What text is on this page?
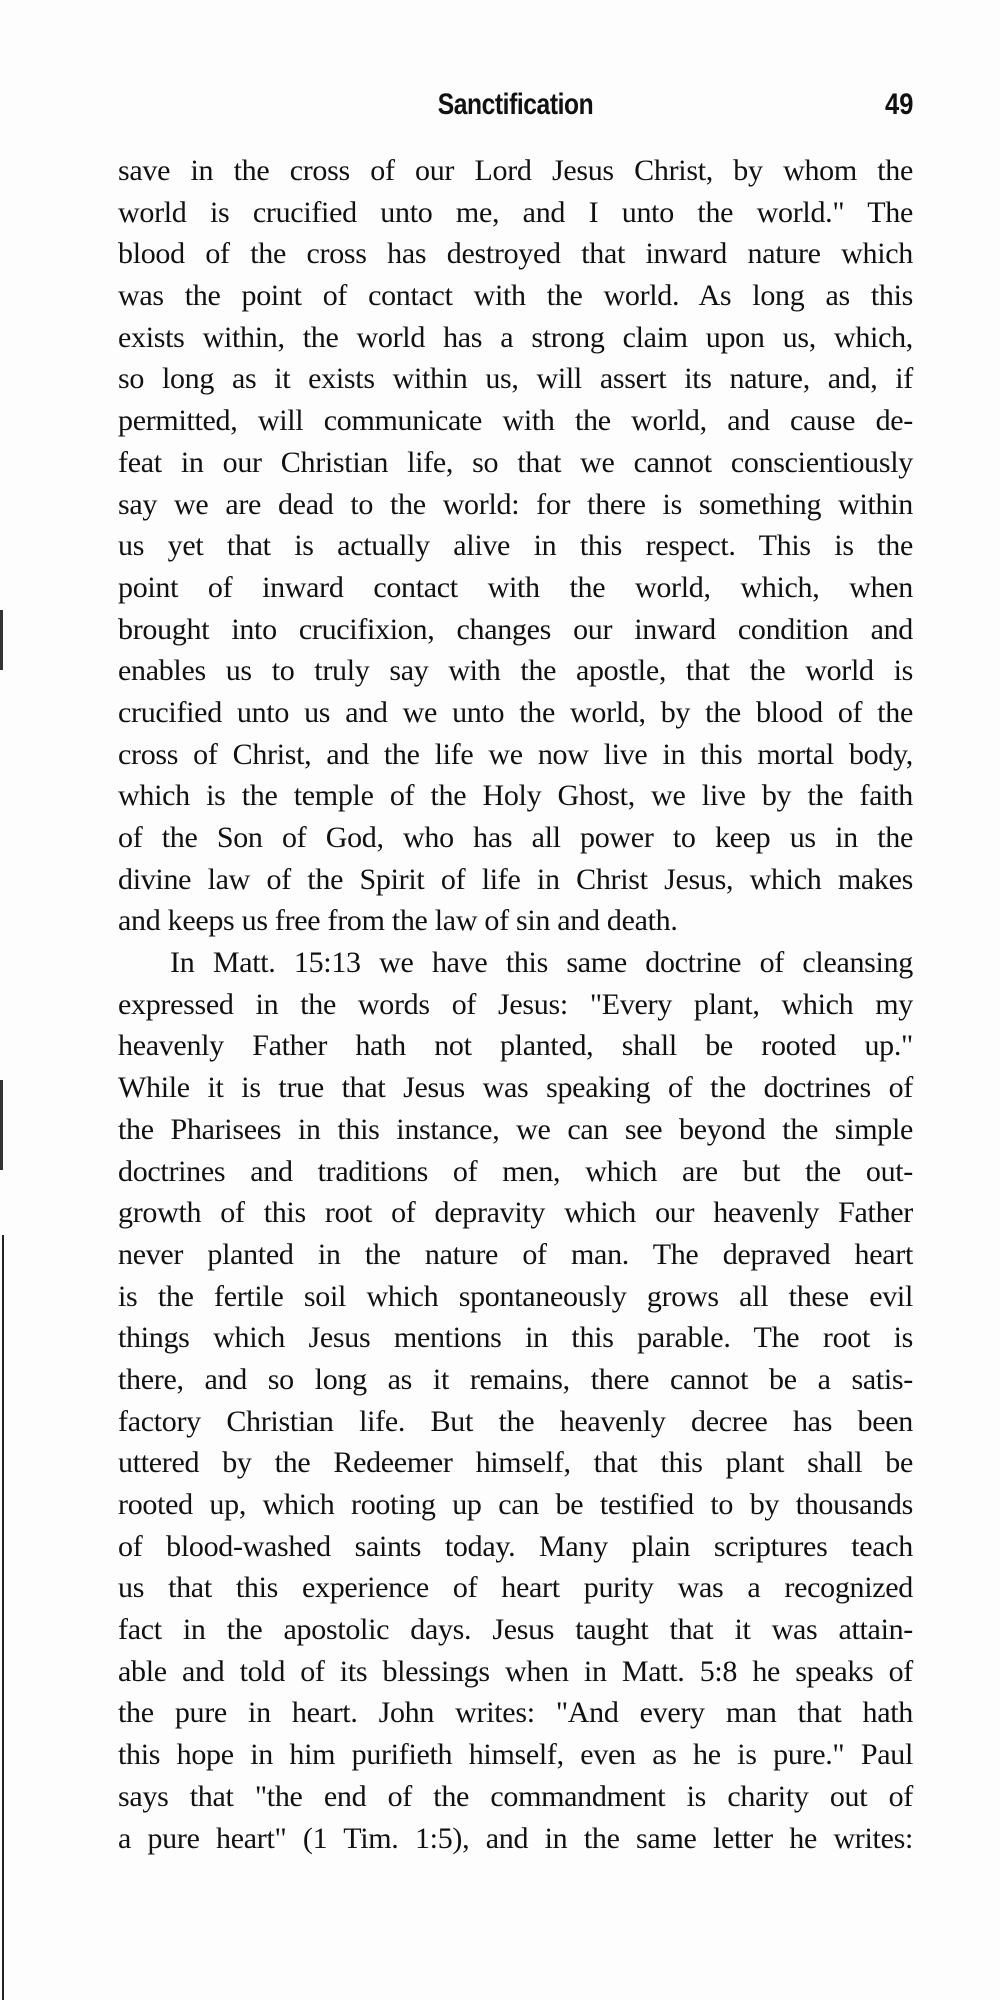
Sanctification	49
save in the cross of our Lord Jesus Christ, by whom the
world is crucified unto me, and I unto the world." The
blood of the cross has destroyed that inward nature which
was the point of contact with the world. As long as this
exists within, the world has a strong claim upon us, which,
so long as it exists within us, will assert its nature, and, if
permitted, will communicate with the world, and cause de-
feat in our Christian life, so that we cannot conscientiously
say we are dead to the world: for there is something within
us yet that is actually alive in this respect. This is the
point of inward contact with the world, which, when
brought into crucifixion, changes our inward condition and
enables us to truly say with the apostle, that the world is
crucified unto us and we unto the world, by the blood of the
cross of Christ, and the life we now live in this mortal body,
which is the temple of the Holy Ghost, we live by the faith
of the Son of God, who has all power to keep us in the
divine law of the Spirit of life in Christ Jesus, which makes
and keeps us free from the law of sin and death.
In Matt. 15:13 we have this same doctrine of cleansing
expressed in the words of Jesus: "Every plant, which my
heavenly Father hath not planted, shall be rooted up."
While it is true that Jesus was speaking of the doctrines of
the Pharisees in this instance, we can see beyond the simple
doctrines and traditions of men, which are but the out-
growth of this root of depravity which our heavenly Father
never planted in the nature of man. The depraved heart
is the fertile soil which spontaneously grows all these evil
things which Jesus mentions in this parable. The root is
there, and so long as it remains, there cannot be a satis-
factory Christian life. But the heavenly decree has been
uttered by the Redeemer himself, that this plant shall be
rooted up, which rooting up can be testified to by thousands
of blood-washed saints today. Many plain scriptures teach
us that this experience of heart purity was a recognized
fact in the apostolic days. Jesus taught that it was attain-
able and told of its blessings when in Matt. 5:8 he speaks of
the pure in heart. John writes: "And every man that hath
this hope in him purifieth himself, even as he is pure." Paul
says that "the end of the commandment is charity out of
a pure heart" (1 Tim. 1:5), and in the same letter he writes:
